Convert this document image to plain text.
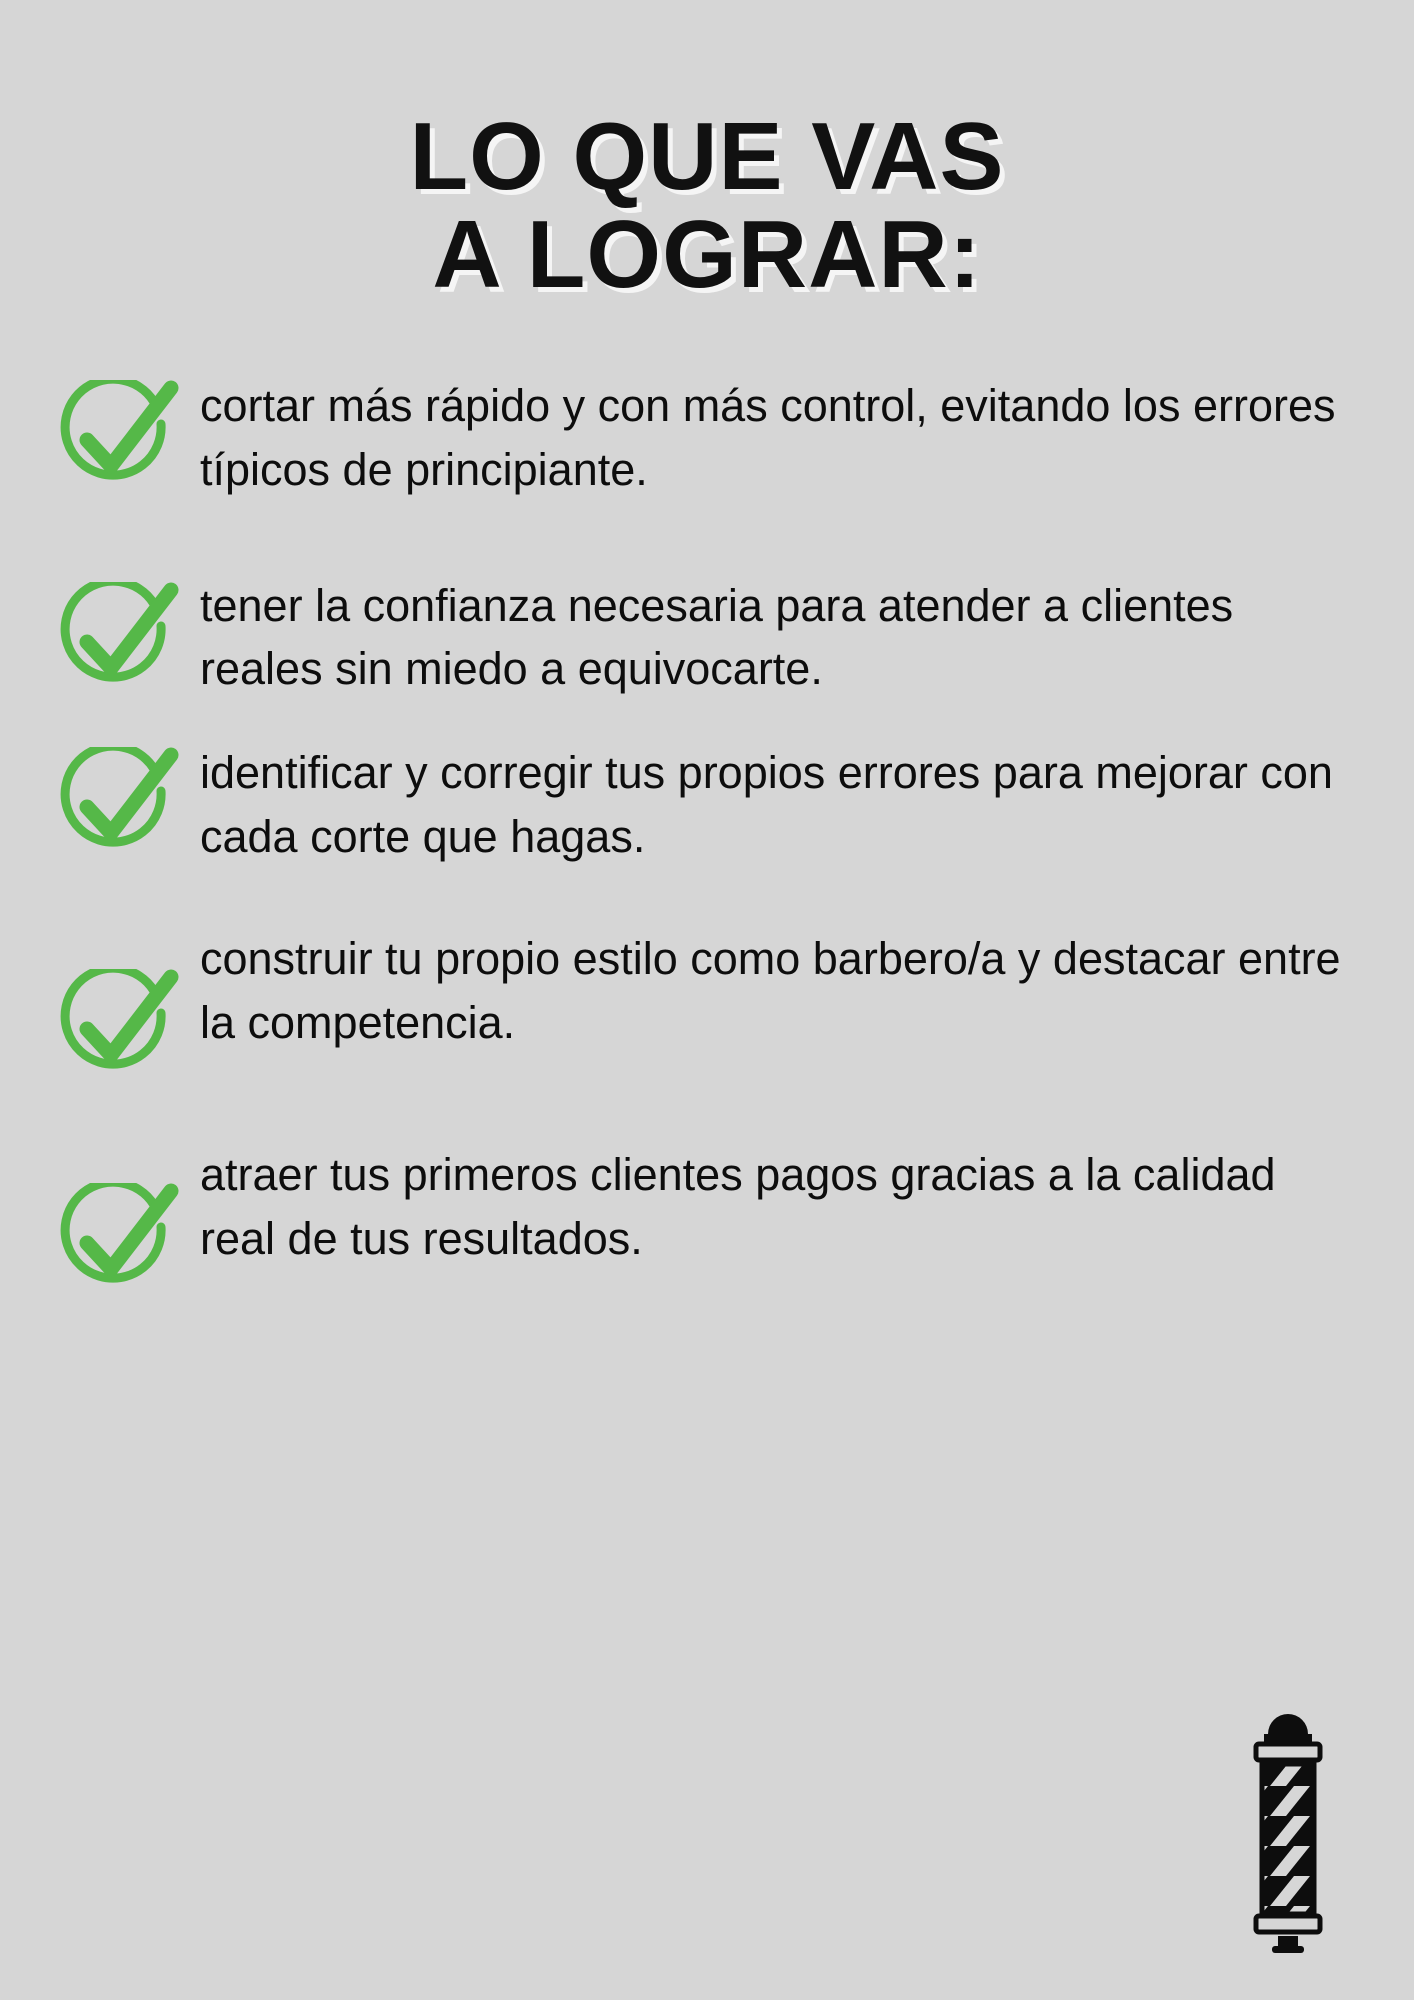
LO QUE VAS
A LOGRAR:
cortar más rápido y con más control, evitando los errores típicos de principiante.
tener la confianza necesaria para atender a clientes reales sin miedo a equivocarte.
identificar y corregir tus propios errores para mejorar con cada corte que hagas.
construir tu propio estilo como barbero/a y destacar entre la competencia.
atraer tus primeros clientes pagos gracias a la calidad real de tus resultados.
